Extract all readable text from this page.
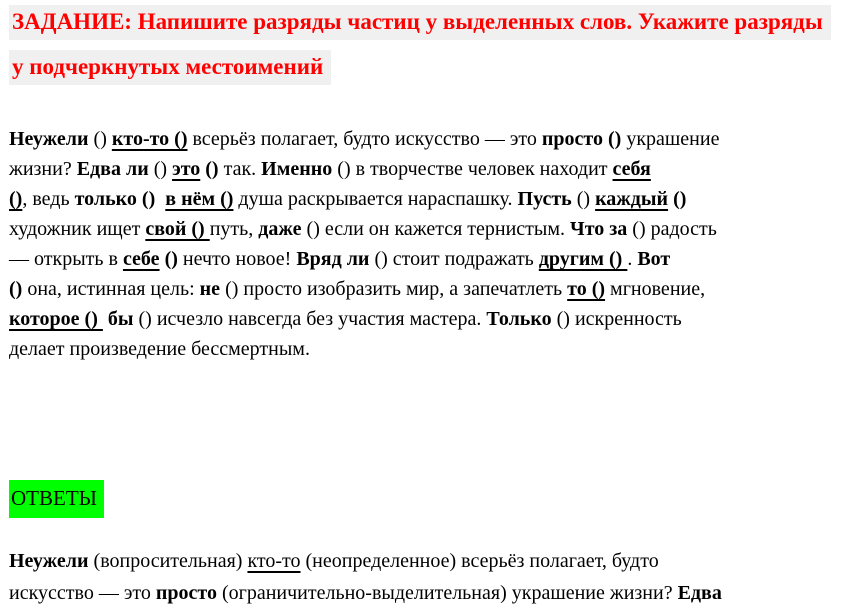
ЗАДАНИЕ: Напишите разряды частиц у выделенных слов. Укажите разряды
у подчеркнутых местоимений
Неужели () кто-то () всерьёз полагает, будто искусство — это просто () украшение
жизни? Едва ли () это () так. Именно () в творчестве человек находит себя
(), ведь только () в нём () душа раскрывается нараспашку. Пусть () каждый ()
художник ищет свой () путь, даже () если он кажется тернистым. Что за () радость
— открыть в себе () нечто новое! Вряд ли () стоит подражать другим () . Вот
() она, истинная цель: не () просто изобразить мир, а запечатлеть то () мгновение,
которое ()  бы () исчезло навсегда без участия мастера. Только () искренность
делает произведение бессмертным.
ОТВЕТЫ
Неужели (вопросительная) кто-то (неопределенное) всерьёз полагает, будто
искусство — это просто (ограничительно-выделительная) украшение жизни? Едва
